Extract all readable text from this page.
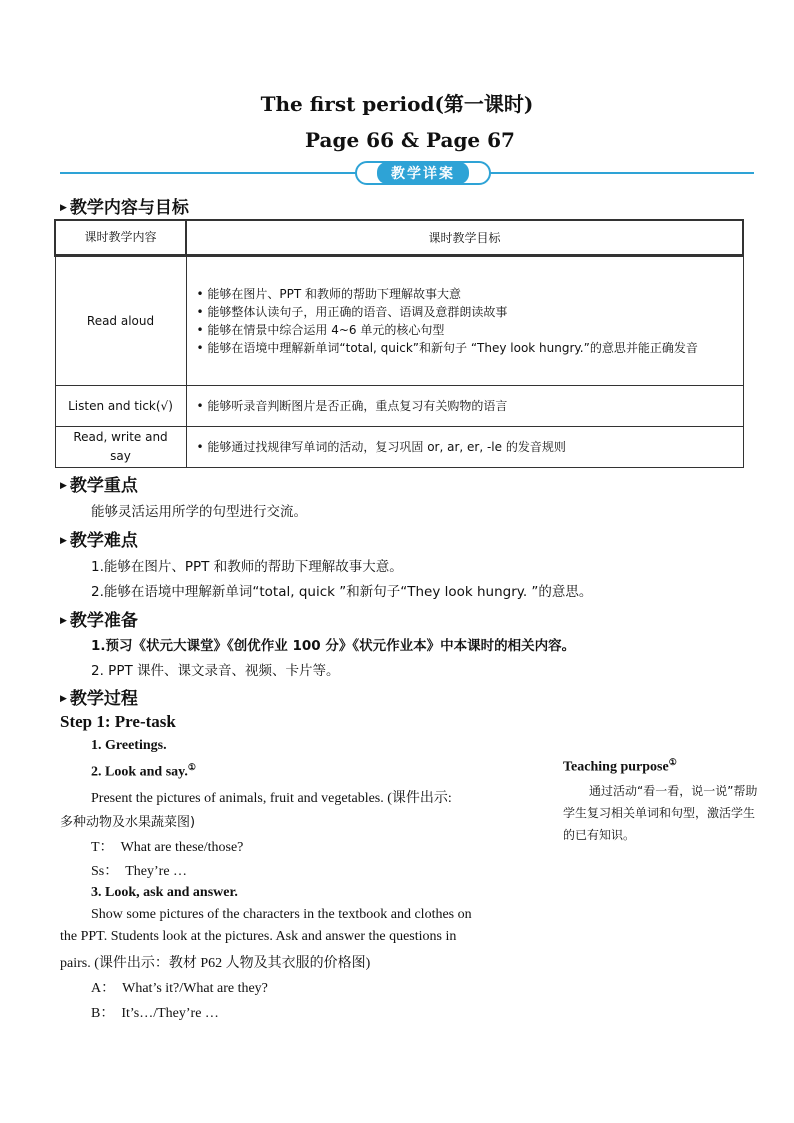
The first period(第一课时)
Page 66 & Page 67
教学详案
▶ 教学内容与目标
课时教学内容	课时教学目标
Read aloud	• 能够在图片、PPT 和教师的帮助下理解故事大意
• 能够整体认读句子，用正确的语音、语调及意群朗读故事
• 能够在情景中综合运用 4~6 单元的核心句型
• 能够在语境中理解新单词“total, quick”和新句子 “They look hungry.”的意思并能正确发音

Listen and tick(√)	• 能够听录音判断图片是否正确，重点复习有关购物的语言

Read, write and say	• 能够通过找规律写单词的活动，复习巩固 or, ar, er, -le 的发音规则
▶ 教学重点
能够灵活运用所学的句型进行交流。
▶ 教学难点
1.能够在图片、PPT 和教师的帮助下理解故事大意。
2.能够在语境中理解新单词“total, quick ”和新句子“They look hungry. ”的意思。
▶ 教学准备
1.预习《状元大课堂》《创优作业 100 分》《状元作业本》中本课时的相关内容。
2. PPT 课件、课文录音、视频、卡片等。
▶ 教学过程
Step 1: Pre-task
1. Greetings.
2. Look and say.①
Present the pictures of animals, fruit and vegetables. (课件出示:
多种动物及水果蔬菜图)
T： What are these/those?
Ss： They’re …
3. Look, ask and answer.
Show some pictures of the characters in the textbook and clothes on
the PPT. Students look at the pictures. Ask and answer the questions in
pairs. (课件出示：教材 P62 人物及其衣服的价格图)
A： What’s it?/What are they?
B： It’s…/They’re …
Teaching purpose①
通过活动“看一看，说一说”帮助学生复习相关单词和句型，激活学生的已有知识。
